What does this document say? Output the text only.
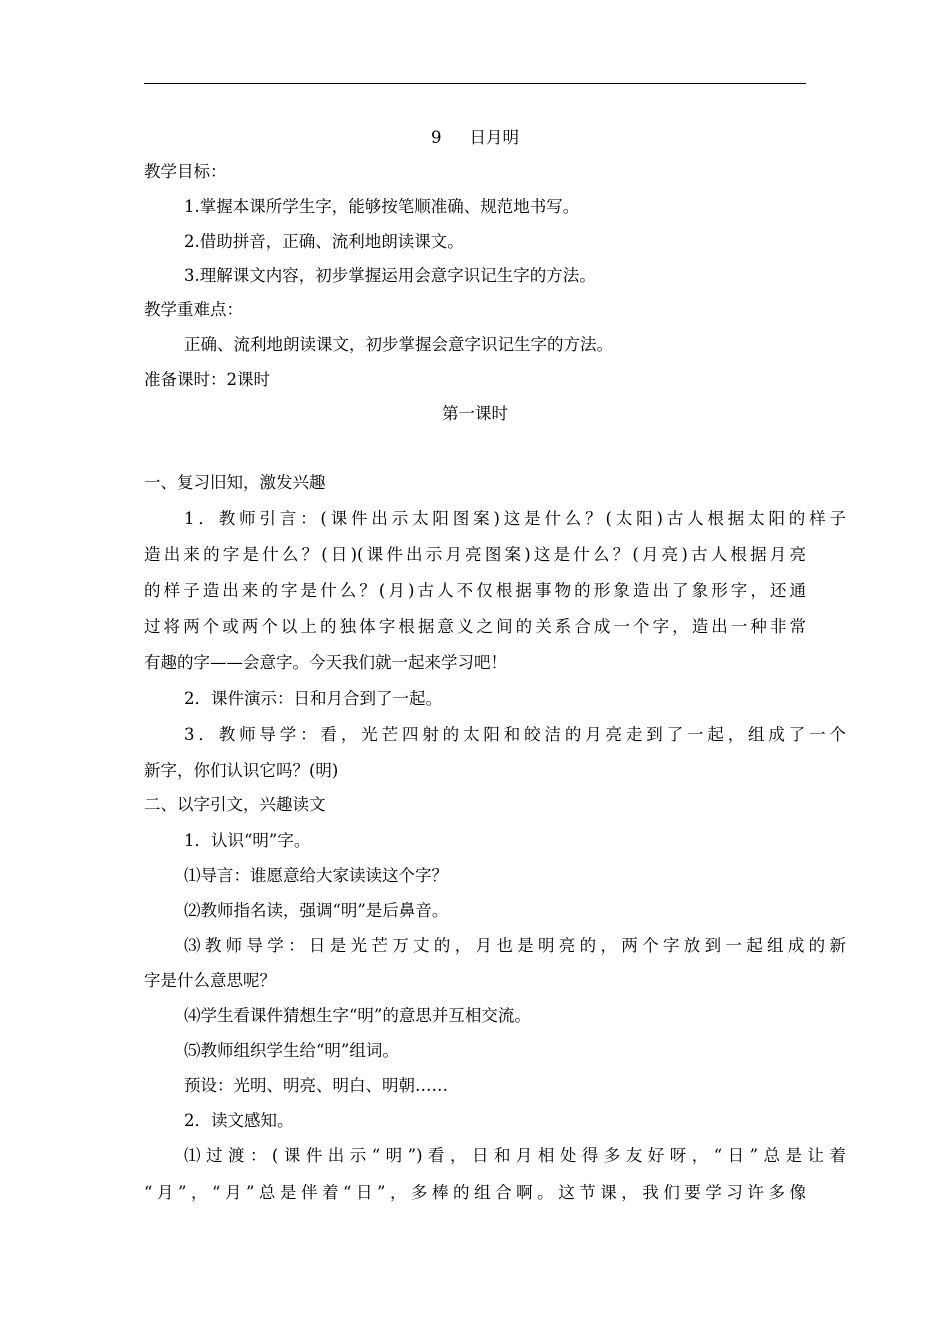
9 日月明
教学目标：
1.掌握本课所学生字，能够按笔顺准确、规范地书写。
2.借助拼音，正确、流利地朗读课文。
3.理解课文内容，初步掌握运用会意字识记生字的方法。
教学重难点：
正确、流利地朗读课文，初步掌握会意字识记生字的方法。
准备课时：2课时
第一课时
一、复习旧知，激发兴趣
1．教师引言：(课件出示太阳图案)这是什么？(太阳)古人根据太阳的样子
造出来的字是什么？(日)(课件出示月亮图案)这是什么？(月亮)古人根据月亮
的样子造出来的字是什么？(月)古人不仅根据事物的形象造出了象形字，还通
过将两个或两个以上的独体字根据意义之间的关系合成一个字，造出一种非常
有趣的字——会意字。今天我们就一起来学习吧！
2．课件演示：日和月合到了一起。
3．教师导学：看，光芒四射的太阳和皎洁的月亮走到了一起，组成了一个
新字，你们认识它吗？(明)
二、以字引文，兴趣读文
1．认识“明”字。
⑴导言：谁愿意给大家读读这个字？
⑵教师指名读，强调“明”是后鼻音。
⑶教师导学：日是光芒万丈的，月也是明亮的，两个字放到一起组成的新
字是什么意思呢？
⑷学生看课件猜想生字“明”的意思并互相交流。
⑸教师组织学生给“明”组词。
预设：光明、明亮、明白、明朝……
2．读文感知。
⑴过渡：(课件出示“明”)看，日和月相处得多友好呀，“日”总是让着
“月”，“月”总是伴着“日”，多棒的组合啊。这节课，我们要学习许多像
